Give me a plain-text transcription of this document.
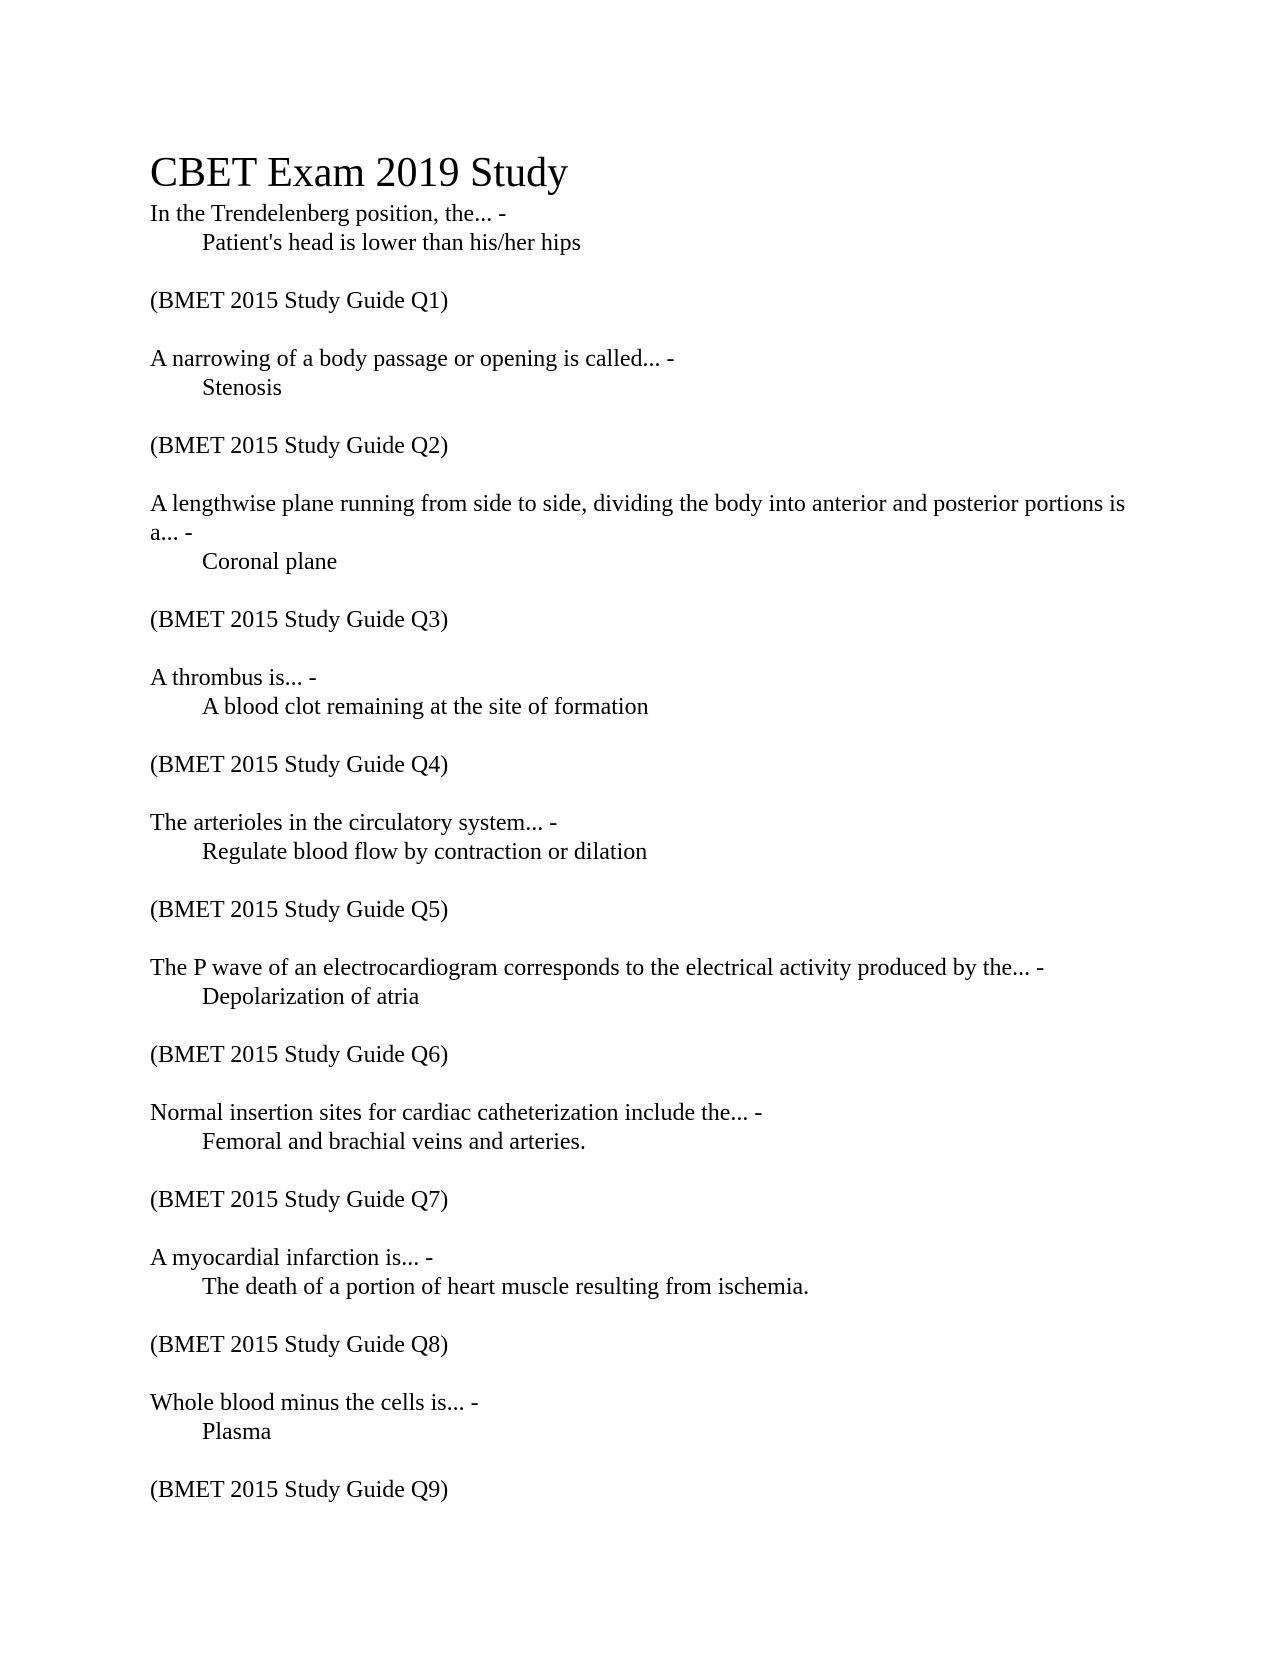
CBET Exam 2019 Study

In the Trendelenberg position, the... -

Patient's head is lower than his/her hips

(BMET 2015 Study Guide Q1)

A narrowing of a body passage or opening is called... -

Stenosis

(BMET 2015 Study Guide Q2)

A lengthwise plane running from side to side, dividing the body into anterior and posterior portions is a... -

Coronal plane

(BMET 2015 Study Guide Q3)

A thrombus is... -

A blood clot remaining at the site of formation

(BMET 2015 Study Guide Q4)

The arterioles in the circulatory system... -

Regulate blood flow by contraction or dilation

(BMET 2015 Study Guide Q5)

The P wave of an electrocardiogram corresponds to the electrical activity produced by the... -

Depolarization of atria

(BMET 2015 Study Guide Q6)

Normal insertion sites for cardiac catheterization include the... -

Femoral and brachial veins and arteries.

(BMET 2015 Study Guide Q7)

A myocardial infarction is... -

The death of a portion of heart muscle resulting from ischemia.

(BMET 2015 Study Guide Q8)

Whole blood minus the cells is... -

Plasma

(BMET 2015 Study Guide Q9)
